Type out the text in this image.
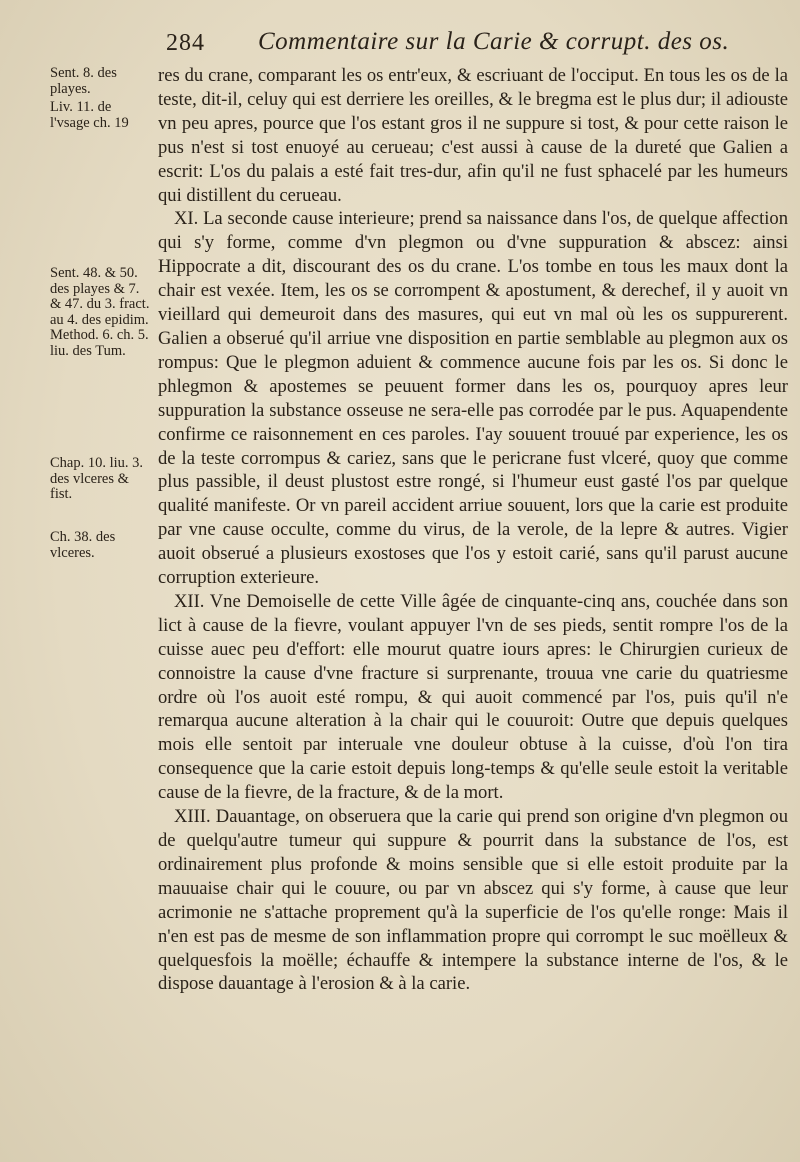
284 Commentaire sur la Carie & corrupt. des os.
Sent. 8. des playes.
Liv. 11. de l'vsage ch. 19
Sent. 48. & 50. des playes & 7. & 47. du 3. fract. au 4. des epidim. Method. 6. ch. 5. liu. des Tum.
Chap. 10. liu. 3. des vlceres & fist.
Ch. 38. des vlceres.

res du crane, comparant les os entr'eux, & escriuant de l'occiput. En tous les os de la teste, dit-il, celuy qui est derriere les oreilles, & le bregma est le plus dur; il adiouste vn peu apres, pource que l'os estant gros il ne suppure si tost, & pour cette raison le pus n'est si tost enuoyé au cerueau; c'est aussi à cause de la dureté que Galien a escrit: L'os du palais a esté fait tres-dur, afin qu'il ne fust sphacelé par les humeurs qui distillent du cerueau.

XI. La seconde cause interieure; prend sa naissance dans l'os, de quelque affection qui s'y forme, comme d'vn plegmon ou d'vne suppuration & abscez: ainsi Hippocrate a dit, discourant des os du crane. L'os tombe en tous les maux dont la chair est vexée. Item, les os se corrompent & apostument, & derechef, il y auoit vn vieillard qui demeuroit dans des masures, qui eut vn mal où les os suppurerent. Galien a obserué qu'il arriue vne disposition en partie semblable au plegmon aux os rompus: Que le plegmon aduient & commence aucune fois par les os. Si donc le phlegmon & apostemes se peuuent former dans les os, pourquoy apres leur suppuration la substance osseuse ne sera-elle pas corrodée par le pus. Aquapendente confirme ce raisonnement en ces paroles. I'ay souuent trouué par experience, les os de la teste corrompus & cariez, sans que le pericrane fust vlceré, quoy que comme plus passible, il deust plustost estre rongé, si l'humeur eust gasté l'os par quelque qualité manifeste. Or vn pareil accident arriue souuent, lors que la carie est produite par vne cause occulte, comme du virus, de la verole, de la lepre & autres. Vigier auoit obserué a plusieurs exostoses que l'os y estoit carié, sans qu'il parust aucune corruption exterieure.

XII. Vne Demoiselle de cette Ville âgée de cinquante-cinq ans, couchée dans son lict à cause de la fievre, voulant appuyer l'vn de ses pieds, sentit rompre l'os de la cuisse auec peu d'effort: elle mourut quatre iours apres: le Chirurgien curieux de connoistre la cause d'vne fracture si surprenante, trouua vne carie du quatriesme ordre où l'os auoit esté rompu, & qui auoit commencé par l'os, puis qu'il n'e remarqua aucune alteration à la chair qui le couuroit: Outre que depuis quelques mois elle sentoit par interuale vne douleur obtuse à la cuisse, d'où l'on tira consequence que la carie estoit depuis long-temps & qu'elle seule estoit la veritable cause de la fievre, de la fracture, & de la mort.

XIII. Dauantage, on obseruera que la carie qui prend son origine d'vn plegmon ou de quelqu'autre tumeur qui suppure & pourrit dans la substance de l'os, est ordinairement plus profonde & moins sensible que si elle estoit produite par la mauuaise chair qui le couure, ou par vn abscez qui s'y forme, à cause que leur acrimonie ne s'attache proprement qu'à la superficie de l'os qu'elle ronge: Mais il n'en est pas de mesme de son inflammation propre qui corrompt le suc moëlleux & quelquesfois la moëlle; échauffe & intempere la substance interne de l'os, & le dispose dauantage à l'erosion & à la carie.
